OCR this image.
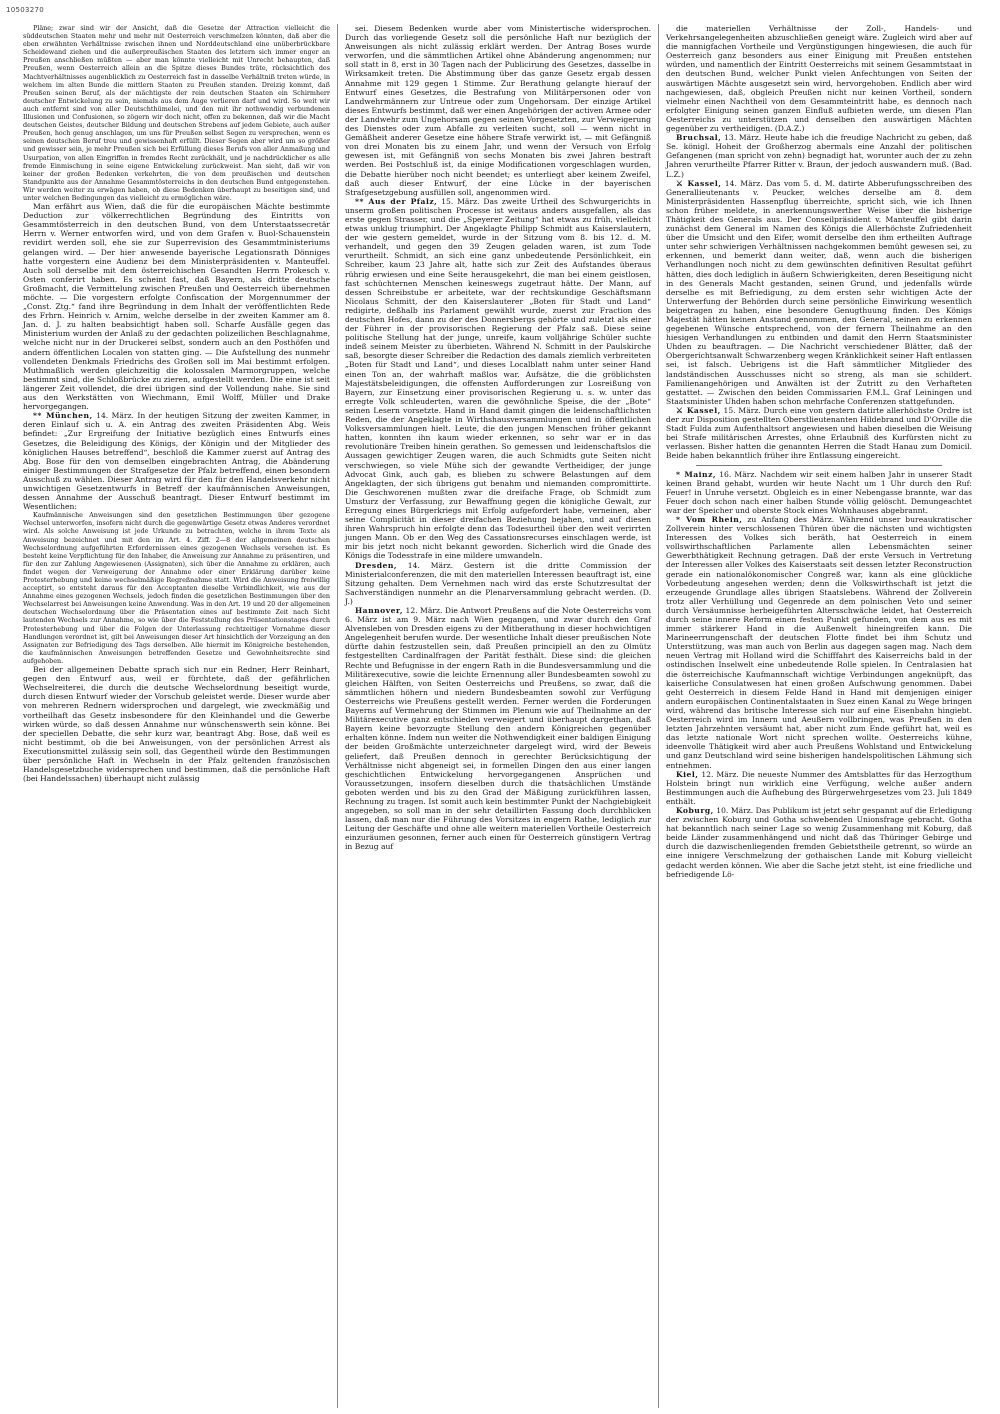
10503270

Pläne; zwar sind wir der Ansicht, daß die Gesetze der Attraction vielleicht die süddeutschen Staaten mehr und mehr mit Oesterreich verschmelzen könnten, daß aber die eben erwähnten Verhältnisse zwischen ihnen und Norddeutschland eine unüberbrückbare Scheidewand ziehen und die außerpreußischen Staaten des letztern sich immer enger an Preußen anschließen müßten — aber man könnte vielleicht mit Unrecht behaupten, daß Preußen, wenn Oesterreich allein an die Spitze dieses Bundes träte, rücksichtlich des Machtverhältnisses augenblicklich zu Oesterreich fast in dasselbe Verhältniß treten würde, in welchem im alten Bunde die mittlern Staaten zu Preußen standen. Dreizig kommt, daß Preußen seinen Beruf, als der mächtigste der rein deutschen Staaten ein Schirmherr deutscher Entwickelung zu sein, niemals aus dem Auge verlieren darf und wird. So weit wir auch entfernt sind von aller Deutschthümelei, und den mit ihr nothwendig verbundenen Illusionen und Confusionen, so zögern wir doch nicht, offen zu bekennen, daß wir die Macht deutschen Geistes, deutscher Bildung und deutschen Strebens auf jedem Gebiete, auch außer Preußen, hoch genug anschlagen, um uns für Preußen selbst Segen zu versprechen, wenn es seinen deutschen Beruf treu und gewissenhaft erfüllt. Dieser Segen aber wird um so größer und gewisser sein, je mehr Preußen sich bei Erfüllung dieses Berufs von aller Anmaßung und Usurpation, von allen Eingriffen in fremdes Recht zurückhält, und je nachdrücklicher es alle fremde Einmischung in seine eigene Entwickelung zurückweist. Man sieht, daß wir von keiner der großen Bedenken verkehrten, die von dem preußischen und deutschen Standpunkte aus der Annahme Gesammtösterreichs in den deutschen Bund entgegenstehen. Wir werden weiter zu erwägen haben, ob diese Bedenken überhaupt zu beseitigen sind, und unter welchen Bedingungen das vielleicht zu ermöglichen wäre.

Man erfährt aus Wien, daß die für die europäischen Mächte bestimmte Deduction zur völkerrechtlichen Begründung des Eintritts von Gesammtösterreich in den deutschen Bund, von dem Unterstaatssecretär Herrn v. Werner entworfen wird, und von dem Grafen v. Buol-Schauenstein revidirt werden soll, ehe sie zur Superrevision des Gesammtministeriums gelangen wird. — Der hier anwesende bayerische Legationsrath Dönniges hatte vorgestern eine Audienz bei dem Ministerpräsidenten v. Manteuffel. Auch soll derselbe mit dem österreichischen Gesandten Herrn Prokesch v. Osten conferirt haben. Es scheint fast, daß Bayern, als dritte deutsche Großmacht, die Vermittelung zwischen Preußen und Oesterreich übernehmen möchte. — Die vorgestern erfolgte Confiscation der Morgennummer der „Const. Ztg.“ fand ihre Begründung in dem Inhalt der veröffentlichten Rede des Frhrn. Heinrich v. Arnim, welche derselbe in der zweiten Kammer am 8. Jan. d. J. zu halten beabsichtigt haben soll. Scharfe Ausfälle gegen das Ministerium wurden der Anlaß zu der gedachten polizeilichen Beschlagnahme, welche nicht nur in der Druckerei selbst, sondern auch an den Posthöfen und andern öffentlichen Localen von statten ging. — Die Aufstellung des nunmehr vollendeten Denkmals Friedrichs des Großen soll im Mai bestimmt erfolgen. Muthmaßlich werden gleichzeitig die kolossalen Marmorgruppen, welche bestimmt sind, die Schloßbrücke zu zieren, aufgestellt werden. Die eine ist seit längerer Zeit vollendet, die drei übrigen sind der Vollendung nahe. Sie sind aus den Werkstätten von Wiechmann, Emil Wolff, Müller und Drake hervorgegangen.

** München, 14. März. In der heutigen Sitzung der zweiten Kammer, in deren Einlauf sich u. A. ein Antrag des zweiten Präsidenten Abg. Weis befindet: „Zur Ergreifung der Initiative bezüglich eines Entwurfs eines Gesetzes, die Beleidigung des Königs, der Königin und der Mitglieder des königlichen Hauses betreffend“, beschloß die Kammer zuerst auf Antrag des Abg. Bose für den von demselben eingebrachten Antrag, die Abänderung einiger Bestimmungen der Strafgesetze der Pfalz betreffend, einen besondern Ausschuß zu wählen. Dieser Antrag wird für den für den Handelsverkehr nicht unwichtigen Gesetzentwurfs in Betreff der kaufmännischen Anweisungen, dessen Annahme der Ausschuß beantragt. Dieser Entwurf bestimmt im Wesentlichen:

Kaufmännische Anweisungen sind den gesetzlichen Bestimmungen über gezogene Wechsel unterworfen, insofern nicht durch die gegenwärtige Gesetz etwas Anderes verordnet wird. Als solche Anweisung ist jede Urkunde zu betrachten, welche in ihrem Texte als Anweisung bezeichnet und mit den im Art. 4. Ziff. 2—8 der allgemeinen deutschen Wechselordnung aufgeführten Erfordernissen eines gezogenen Wechsels versehen ist. Es besteht keine Verpflichtung für den Inhaber, die Anweisung zur Annahme zu präsentiren, und für den zur Zahlung Angewiesenen (Assignaten), sich über die Annahme zu erklären, auch findet wegen der Verweigerung der Annahme oder einer Erklärung darüber keine Protesterhebung und keine wechselmäßige Regreßnahme statt. Wird die Anweisung freiwillig acceptirt, so entsteht daraus für den Acceptanten dieselbe Verbindlichkeit, wie aus der Annahme eines gezogenen Wechsels, jedoch finden die gesetzlichen Bestimmungen über den Wechselarrest bei Anweisungen keine Anwendung. Was in den Art. 19 und 20 der allgemeinen deutschen Wechselordnung über die Präsentation eines auf bestimmte Zeit nach Sicht lautenden Wechsels zur Annahme, so wie über die Feststellung des Präsentationstages durch Protesterhebung und über die Folgen der Unterlassung rechtzeitiger Vornahme dieser Handlungen verordnet ist, gilt bei Anweisungen dieser Art hinsichtlich der Vorzeigung an den Assignaten zur Befriedigung des Tags derselben. Alle hiermit im Königreiche bestehenden, die kaufmännischen Anweisungen betreffenden Gesetze und Gewohnheitsrechte sind aufgehoben.

Bei der allgemeinen Debatte sprach sich nur ein Redner, Herr Reinhart, gegen den Entwurf aus, weil er fürchtete, daß der gefährlichen Wechselreiterei, die durch die deutsche Wechselordnung beseitigt wurde, durch diesen Entwurf wieder der Vorschub geleistet werde. Dieser wurde aber von mehreren Rednern widersprochen und dargelegt, wie zweckmäßig und vortheilhaft das Gesetz insbesondere für den Kleinhandel und die Gewerbe wirken würde, so daß dessen Annahme nur wünschenswerth sein könne. Bei der speciellen Debatte, die sehr kurz war, beantragt Abg. Bose, daß weil es nicht bestimmt, ob die bei Anweisungen, von der persönlichen Arrest als Executionsmittel zulässig sein soll, das Gegentheil würde den Bestimmungen über persönliche Haft in Wechseln in der Pfalz geltenden französischen Handelsgesetzbuche widersprechen und bestimmen, daß die persönliche Haft (bei Handelssachen) überhaupt nicht zulässig

sei. Diesem Bedenken wurde aber vom Ministertische widersprochen. Durch das vorliegende Gesetz soll die persönliche Haft nur bezüglich der Anweisungen als nicht zulässig erklärt werden. Der Antrag Boses wurde verworfen, und die sämmtlichen Artikel ohne Abänderung angenommen; nur soll statt in 8, erst in 30 Tagen nach der Publicirung des Gesetzes, dasselbe in Wirksamkeit treten. Die Abstimmung über das ganze Gesetz ergab dessen Annahme mit 129 gegen 1 Stimme. Zur Berathung gelangte hierauf der Entwurf eines Gesetzes, die Bestrafung von Militärpersonen oder von Landwehrmännern zur Untreue oder zum Ungehorsam. Der einzige Artikel dieses Entwurfs bestimmt, daß wer einen Angehörigen der activen Armee oder der Landwehr zum Ungehorsam gegen seinen Vorgesetzten, zur Verweigerung des Dienstes oder zum Abfalle zu verleiten sucht, soll — wenn nicht in Gemäßheit anderer Gesetze eine höhere Strafe verwirkt ist, — mit Gefängniß von drei Monaten bis zu einem Jahr, und wenn der Versuch von Erfolg gewesen ist, mit Gefängniß von sechs Monaten bis zwei Jahren bestraft werden. Bei Postschluß ist, da einige Modificationen vorgeschlagen wurden, die Debatte hierüber noch nicht beendet; es unterliegt aber keinem Zweifel, daß auch dieser Entwurf, der eine Lücke in der bayerischen Strafgesetzgebung ausfüllen soll, angenommen wird.

** Aus der Pfalz, 15. März. Das zweite Urtheil des Schwurgerichts in unserm großen politischen Processe ist weitaus anders ausgefallen, als das erste gegen Strasser, und die „Speyerer Zeitung“ hat etwas zu früh, vielleicht etwas unklug triumphirt. Der Angeklagte Philipp Schmidt aus Kaiserslautern, der wie gestern gemeldet, wurde in der Sitzung vom 8. bis 12. d. M. verhandelt, und gegen den 39 Zeugen geladen waren, ist zum Tode verurtheilt. Schmidt, an sich eine ganz unbedeutende Persönlichkeit, ein Schreiber, kaum 23 Jahre alt, hatte sich zur Zeit des Aufstandes überaus rührig erwiesen und eine Seite herausgekehrt, die man bei einem geistlosen, fast schüchternen Menschen keineswegs zugetraut hätte. Der Mann, auf dessen Schreibstube er arbeitete, war der rechtskundige Geschäftsmann Nicolaus Schmitt, der den Kaiserslauterer „Boten für Stadt und Land“ redigirte, deßhalb ins Parlament gewählt wurde, zuerst zur Fraction des deutschen Hofes, dann zu der des Donnersbergs gehörte und zuletzt als einer der Führer in der provisorischen Regierung der Pfalz saß. Diese seine politische Stellung hat der junge, unreife, kaum volljährige Schüler suchte indeß seinem Meister zu überbieten. Während N. Schmitt in der Paulskirche saß, besorgte dieser Schreiber die Redaction des damals ziemlich verbreiteten „Boten für Stadt und Land“, und dieses Localblatt nahm unter seiner Hand einen Ton an, der wahrhaft maßlos war. Aufsätze, die die gröblichsten Majestätsbeleidigungen, die offensten Aufforderungen zur Losreißung von Bayern, zur Einsetzung einer provisorischen Regierung u. s. w. unter das erregte Volk schleuderten, waren die gewöhnliche Speise, die der „Bote“ seinen Lesern vorsetzte. Hand in Hand damit gingen die leidenschaftlichsten Reden, die der Angeklagte in Wirthshausversammlungen und in öffentlichen Volksversammlungen hielt. Leute, die den jungen Menschen früher gekannt hatten, konnten ihn kaum wieder erkennen, so sehr war er in das revolutionäre Treiben hinein gerathen. So gemessen und leidenschaftslos die Aussagen gewichtiger Zeugen waren, die auch Schmidts gute Seiten nicht verschwiegen, so viele Mühe sich der gewandte Vertheidiger, der junge Advocat Gink, auch gab, es blieben zu schwere Belastungen auf dem Angeklagten, der sich übrigens gut benahm und niemanden compromittirte. Die Geschworenen mußten zwar die dreifache Frage, ob Schmidt zum Umsturz der Verfassung, zur Bewaffnung gegen die königliche Gewalt, zur Erregung eines Bürgerkriegs mit Erfolg aufgefordert habe, verneinen, aber seine Complicität in dieser dreifachen Beziehung bejahen, und auf diesen ihren Wahrspruch hin erfolgte denn das Todesurtheil über den weit verirrten jungen Mann. Ob er den Weg des Cassationsrecurses einschlagen werde, ist mir bis jetzt noch nicht bekannt geworden. Sicherlich wird die Gnade des Königs die Todesstrafe in eine mildere umwandeln.

Dresden, 14. März. Gestern ist die dritte Commission der Ministerialconferenzen, die mit den materiellen Interessen beauftragt ist, eine Sitzung gehalten. Dem Vernehmen nach wird das erste Schutzresultat der Sachverständigen nunmehr an die Plenarversammlung gebracht werden. (D. J.)

Hannover, 12. März. Die Antwort Preußens auf die Note Oesterreichs vom 6. März ist am 9. März nach Wien gegangen, und zwar durch den Graf Alvensleben von Dresden eigens zu der Mitberathung in dieser hochwichtigen Angelegenheit berufen wurde. Der wesentliche Inhalt dieser preußischen Note dürfte dahin festzustellen sein, daß Preußen principiell an den zu Olmütz festgestellten Cardinalfragen der Parität festhält. Diese sind: die gleichen Rechte und Befugnisse in der engern Rath in die Bundesversammlung und die Militärexecutive, sowie die leichte Ernennung aller Bundesbeamten sowohl zu gleichen Hälften, von Seiten Oesterreichs und Preußens, so zwar, daß die sämmtlichen höhern und niedern Bundesbeamten sowohl zur Verfügung Oesterreichs wie Preußens gestellt werden. Ferner werden die Forderungen Bayerns auf Vermehrung der Stimmen im Plenum wie auf Theilnahme an der Militärexecutive ganz entschieden verweigert und überhaupt dargethan, daß Bayern keine bevorzugte Stellung den andern Königreichen gegenüber erhalten könne. Indem nun weiter die Nothwendigkeit einer baldigen Einigung der beiden Großmächte unterzeichneter dargelegt wird, wird der Beweis geliefert, daß Preußen dennoch in gerechter Berücksichtigung der Verhältnisse nicht abgeneigt sei, in formellen Dingen den aus einer langen geschichtlichen Entwickelung hervorgegangenen Ansprüchen und Voraussetzungen, insofern dieselben durch die thatsächlichen Umstände geboten werden und bis zu den Grad der Mäßigung zurückführen lassen, Rechnung zu tragen. Ist somit auch kein bestimmter Punkt der Nachgiebigkeit angegeben, so soll man in der sehr detaillirten Fassung doch durchblicken lassen, daß man nur die Führung des Vorsitzes in engern Rathe, lediglich zur Leitung der Geschäfte und ohne alle weitern materiellen Vortheile Oesterreich einzuräumen gesonnen, ferner auch einen für Oesterreich günstigern Vertrag in Bezug auf

die materiellen Verhältnisse der Zoll-, Handels- und Verkehrsangelegenheiten abzuschließen geneigt wäre. Zugleich wird aber auf die mannigfachen Vortheile und Vergünstigungen hingewiesen, die auch für Oesterreich ganz besonders aus einer Einigung mit Preußen entstehen würden, und namentlich der Eintritt Oesterreichs mit seinem Gesammtstaat in den deutschen Bund, welcher Punkt vielen Anfechtungen von Seiten der auswärtigen Mächte ausgesetzt sein wird, hervorgehoben. Endlich aber wird nachgewiesen, daß, obgleich Preußen nicht nur keinen Vortheil, sondern vielmehr einen Nachtheil von dem Gesammteintritt habe, es dennoch nach erfolgter Einigung seinen ganzen Einfluß aufbieten werde, um diesen Plan Oesterreichs zu unterstützen und denselben den auswärtigen Mächten gegenüber zu vertheidigen. (D.A.Z.)

Bruchsal, 13. März. Heute habe ich die freudige Nachricht zu geben, daß Se. königl. Hoheit der Großherzog abermals eine Anzahl der politischen Gefangenen (man spricht von zehn) begnadigt hat, worunter auch der zu zehn Jahren verurtheilte Pfarrer Ritter v. Braun, der jedoch auswandern muß. (Bad. L.Z.)

⚔ Kassel, 14. März. Das vom 5. d. M. datirte Abberufungsschreiben des Generallieutenants v. Peucker, welches derselbe am 8. dem Ministerpräsidenten Hassenpflug überreichte, spricht sich, wie ich Ihnen schon früher meldete, in anerkennungswerther Weise über die bisherige Thätigkeit des Generals aus. Der Conseilpräsident v. Manteuffel gibt darin zunächst dem General im Namen des Königs die Allerhöchste Zufriedenheit über die Umsicht und den Eifer, womit derselbe den ihm ertheilten Auftrage unter sehr schwierigen Verhältnissen nachgekommen bemüht gewesen sei, zu erkennen, und bemerkt dann weiter, daß, wenn auch die bisherigen Verhandlungen noch nicht zu dem gewünschten definitiven Resultat geführt hätten, dies doch lediglich in äußern Schwierigkeiten, deren Beseitigung nicht in des Generals Macht gestanden, seinen Grund, und jedenfalls würde derselbe es mit Befriedigung, zu dem ersten sehr wichtigen Acte der Unterwerfung der Behörden durch seine persönliche Einwirkung wesentlich beigetragen zu haben, eine besondere Genugthuung finden. Des Königs Majestät hätten keinen Anstand genommen, den General, seinen zu erkennen gegebenen Wünsche entsprechend, von der fernern Theilnahme an den hiesigen Verhandlungen zu entbinden und damit den Herrn Staatsminister Uhden zu beauftragen. — Die Nachricht verschiedener Blätter, daß der Obergerichtsanwalt Schwarzenberg wegen Kränklichkeit seiner Haft entlassen sei, ist falsch. Uebrigens ist die Haft sämmtlicher Mitglieder des landständischen Ausschusses nicht so streng, als man sie schildert. Familienangehörigen und Anwälten ist der Zutritt zu den Verhafteten gestattet. — Zwischen den beiden Commissarien F.M.L. Graf Leiningen und Staatsminister Uhden haben schon mehrfache Conferenzen stattgefunden.

⚔ Kassel, 15. März. Durch eine von gestern datirte allerhöchste Ordre ist der zur Disposition gestellten Oberstlieutenanten Hildebrand und D'Orville die Stadt Fulda zum Aufenthaltsort angewiesen und haben dieselben die Weisung bei Strafe militärischen Arrestes, ohne Erlaubniß des Kurfürsten nicht zu verlassen. Bisher hatten die genannten Herren die Stadt Hanau zum Domicil. Beide haben bekanntlich früher ihre Entlassung eingereicht.

* Mainz, 16. März. Nachdem wir seit einem halben Jahr in unserer Stadt keinen Brand gehabt, wurden wir heute Nacht um 1 Uhr durch den Ruf: Feuer! in Unruhe versetzt. Obgleich es in einer Nebengasse brannte, war das Feuer doch schon nach einer halben Stunde völlig gelöscht. Demungeachtet war der Speicher und oberste Stock eines Wohnhauses abgebrannt.

* Vom Rhein, zu Anfang des März. Während unser bureaukratischer Zollverein hinter verschlossenen Thüren über die nächsten und wichtigsten Interessen des Volkes sich beräth, hat Oesterreich in einem vollswirthschaftlichen Parlamente allen Lebensmächten seiner Gewerbthätigkeit Rechnung getragen. Daß der erste Versuch in Vertretung der Interessen aller Volkes des Kaiserstaats seit dessen letzter Reconstruction gerade ein nationalökonomischer Congreß war, kann als eine glückliche Vorbedeutung angesehen werden; denn die Volkswirthschaft ist jetzt die erzeugende Grundlage alles übrigen Staatslebens. Während der Zollverein trotz aller Verhüllung und Gegenrede an dem polnischen Veto und seiner durch Versäumnisse herbeigeführten Altersschwäche leidet, hat Oesterreich durch seine innere Reform einen festen Punkt gefunden, von dem aus es mit immer stärkerer Hand in die Außenwelt hineingreifen kann. Die Marineerrungenschaft der deutschen Flotte findet bei ihm Schutz und Unterstützung, was man auch von Berlin aus dagegen sagen mag. Nach dem neuen Vertrag mit Holland wird die Schifffahrt des Kaiserreichs bald in der ostindischen Inselwelt eine unbedeutende Rolle spielen. In Centralasien hat die österreichische Kaufmannschaft wichtige Verbindungen angeknüpft, das kaiserliche Consulatwesen hat einen großen Aufschwung genommen. Dabei geht Oesterreich in diesem Felde Hand in Hand mit demjenigen einiger andern europäischen Continentalstaaten in Suez einen Kanal zu Wege bringen wird, während das britische Interesse sich nur auf eine Eisenbahn hingiebt. Oesterreich wird im Innern und Aeußern vollbringen, was Preußen in den letzten Jahrzehnten versäumt hat, aber nicht zum Ende geführt hat, weil es das letzte nationale Wort nicht sprechen wollte. Oesterreichs kühne, ideenvolle Thätigkeit wird aber auch Preußens Wohlstand und Entwickelung und ganz Deutschland wird seine bisherigen handelspolitischen Lähmung sich entnehmen.

Kiel, 12. März. Die neueste Nummer des Amtsblattes für das Herzogthum Holstein bringt nun wirklich eine Verfügung, welche außer andern Bestimmungen auch die Aufhebung des Bürgerwehrgesetzes vom 23. Juli 1849 enthält.

Koburg, 10. März. Das Publikum ist jetzt sehr gespannt auf die Erledigung der zwischen Koburg und Gotha schwebenden Unionsfrage gebracht. Gotha hat bekanntlich nach seiner Lage so wenig Zusammenhang mit Koburg, daß beide Länder zusammenhängend und nicht daß das Thüringer Gebirge und durch die dazwischenliegenden fremden Gebietstheile getrennt, so würde an eine innigere Verschmelzung der gothaischen Lande mit Koburg vielleicht gedacht werden können. Wie aber die Sache jetzt steht, ist eine friedliche und befriedigende Lö-
